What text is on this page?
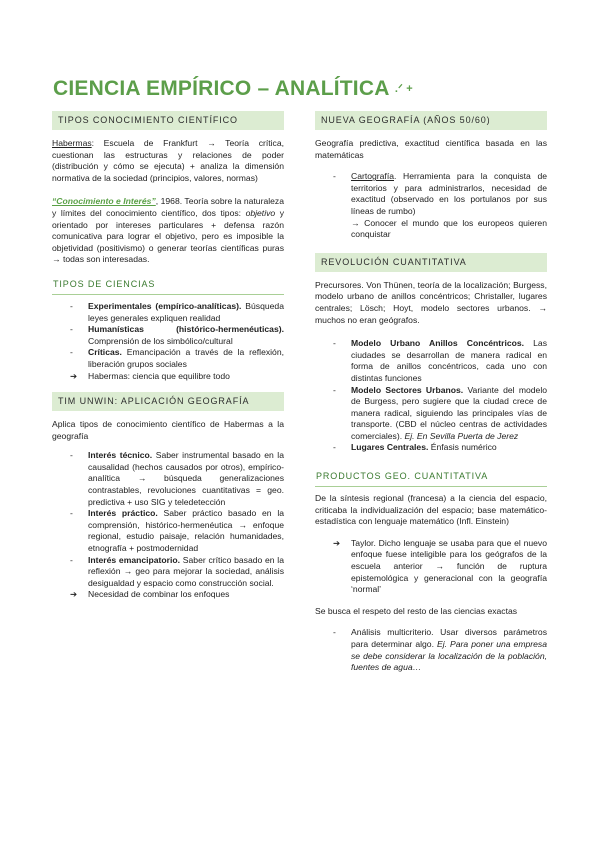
CIENCIA EMPÍRICO – ANALÍTICA .ᐟ +
TIPOS CONOCIMIENTO CIENTÍFICO
Habermas: Escuela de Frankfurt → Teoría crítica, cuestionan las estructuras y relaciones de poder (distribución y cómo se ejecuta) + analiza la dimensión normativa de la sociedad (principios, valores, normas)
“Conocimiento e Interés”, 1968. Teoría sobre la naturaleza y límites del conocimiento científico, dos tipos: objetivo y orientado por intereses particulares + defensa razón comunicativa para lograr el objetivo, pero es imposible la objetividad (positivismo) o generar teorías científicas puras → todas son interesadas.
TIPOS DE CIENCIAS
-	Experimentales (empírico-analíticas). Búsqueda leyes generales expliquen realidad
-	Humanísticas (histórico-hermenéuticas). Comprensión de los simbólico/cultural
-	Críticas. Emancipación a través de la reflexión, liberación grupos sociales
➔	Habermas: ciencia que equilibre todo
TIM UNWIN: APLICACIÓN GEOGRAFÍA
Aplica tipos de conocimiento científico de Habermas a la geografía
-	Interés técnico. Saber instrumental basado en la causalidad (hechos causados por otros), empírico-analítica → búsqueda generalizaciones contrastables, revoluciones cuantitativas = geo. predictiva + uso SIG y teledetección
-	Interés práctico. Saber práctico basado en la comprensión, histórico-hermenéutica → enfoque regional, estudio paisaje, relación humanidades, etnografía + postmodernidad
-	Interés emancipatorio. Saber crítico basado en la reflexión → geo para mejorar la sociedad, análisis desigualdad y espacio como construcción social.
➔	Necesidad de combinar los enfoques
NUEVA GEOGRAFÍA (AÑOS 50/60)
Geografía predictiva, exactitud científica basada en las matemáticas
-	Cartografía. Herramienta para la conquista de territorios y para administrarlos, necesidad de exactitud (observado en los portulanos por sus líneas de rumbo)
→ Conocer el mundo que los europeos quieren conquistar
REVOLUCIÓN CUANTITATIVA
Precursores. Von Thünen, teoría de la localización; Burgess, modelo urbano de anillos concéntricos; Christaller, lugares centrales; Lösch; Hoyt, modelo sectores urbanos. → muchos no eran geógrafos.
-	Modelo Urbano Anillos Concéntricos. Las ciudades se desarrollan de manera radical en forma de anillos concéntricos, cada uno con distintas funciones
-	Modelo Sectores Urbanos. Variante del modelo de Burgess, pero sugiere que la ciudad crece de manera radical, siguiendo las principales vías de transporte. (CBD el núcleo centras de actividades comerciales). Ej. En Sevilla Puerta de Jerez
-	Lugares Centrales. Énfasis numérico
PRODUCTOS GEO. CUANTITATIVA
De la síntesis regional (francesa) a la ciencia del espacio, criticaba la individualización del espacio; base matemático-estadística con lenguaje matemático (Infl. Einstein)
➔	Taylor. Dicho lenguaje se usaba para que el nuevo enfoque fuese inteligible para los geógrafos de la escuela anterior → función de ruptura epistemológica y generacional con la geografía ‘normal’
Se busca el respeto del resto de las ciencias exactas
-	Análisis multicriterio. Usar diversos parámetros para determinar algo. Ej. Para poner una empresa se debe considerar la localización de la población, fuentes de agua…
